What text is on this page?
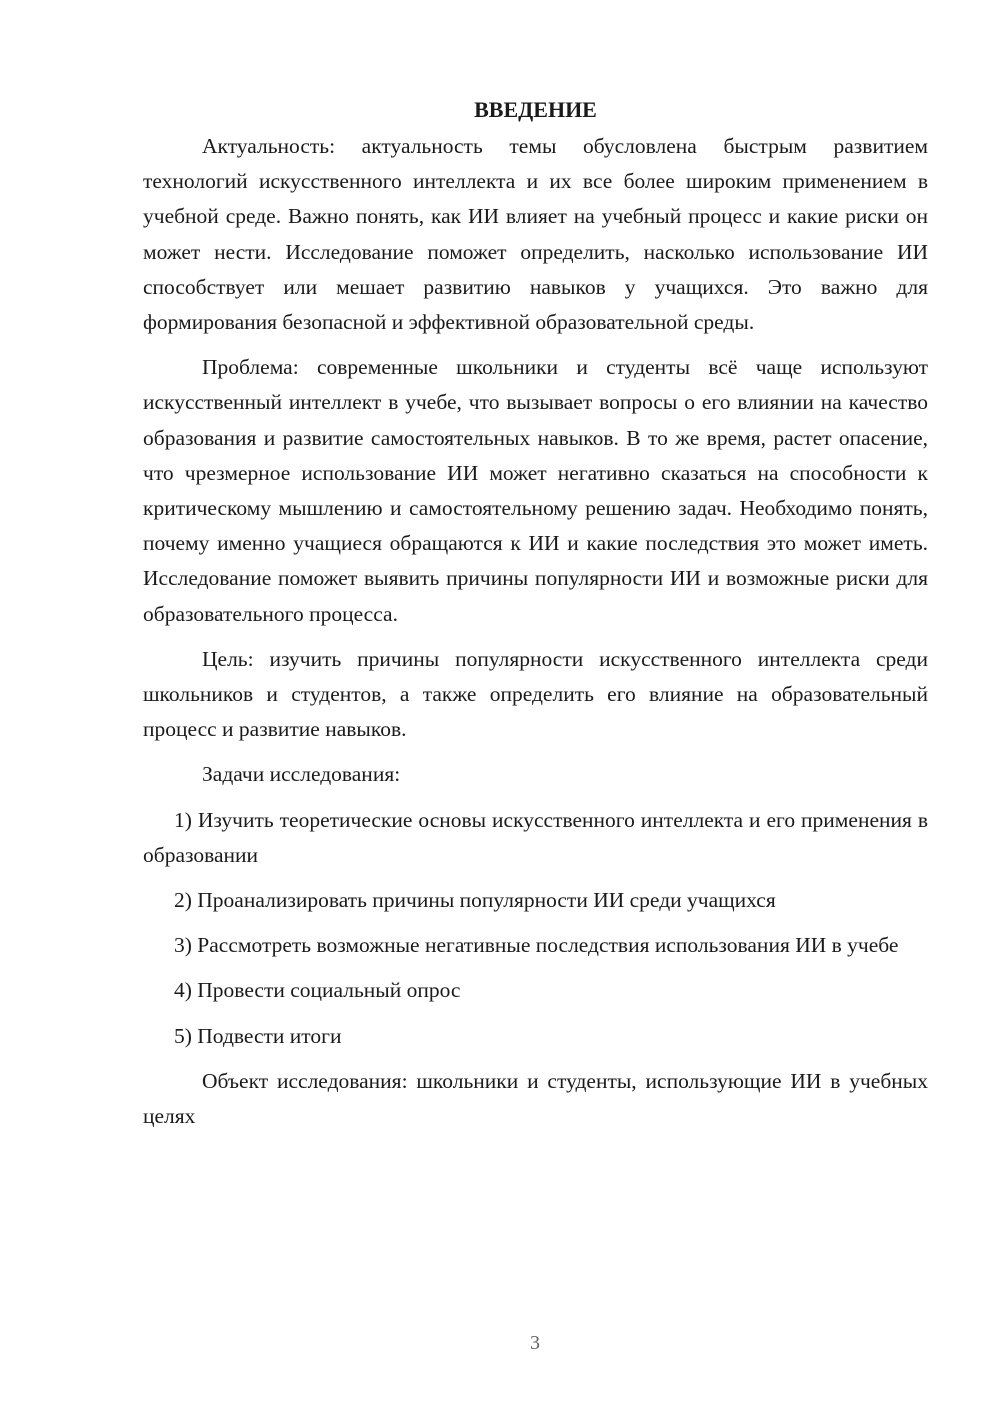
ВВЕДЕНИЕ

Актуальность: актуальность темы обусловлена быстрым развитием технологий искусственного интеллекта и их все более широким применением в учебной среде. Важно понять, как ИИ влияет на учебный процесс и какие риски он может нести. Исследование поможет определить, насколько использование ИИ способствует или мешает развитию навыков у учащихся. Это важно для формирования безопасной и эффективной образовательной среды.

Проблема: современные школьники и студенты всё чаще используют искусственный интеллект в учебе, что вызывает вопросы о его влиянии на качество образования и развитие самостоятельных навыков. В то же время, растет опасение, что чрезмерное использование ИИ может негативно сказаться на способности к критическому мышлению и самостоятельному решению задач. Необходимо понять, почему именно учащиеся обращаются к ИИ и какие последствия это может иметь. Исследование поможет выявить причины популярности ИИ и возможные риски для образовательного процесса.

Цель: изучить причины популярности искусственного интеллекта среди школьников и студентов, а также определить его влияние на образовательный процесс и развитие навыков.

Задачи исследования:

1) Изучить теоретические основы искусственного интеллекта и его применения в образовании

2) Проанализировать причины популярности ИИ среди учащихся

3) Рассмотреть возможные негативные последствия использования ИИ в учебе

4) Провести социальный опрос

5) Подвести итоги

Объект исследования: школьники и студенты, использующие ИИ в учебных целях

3
